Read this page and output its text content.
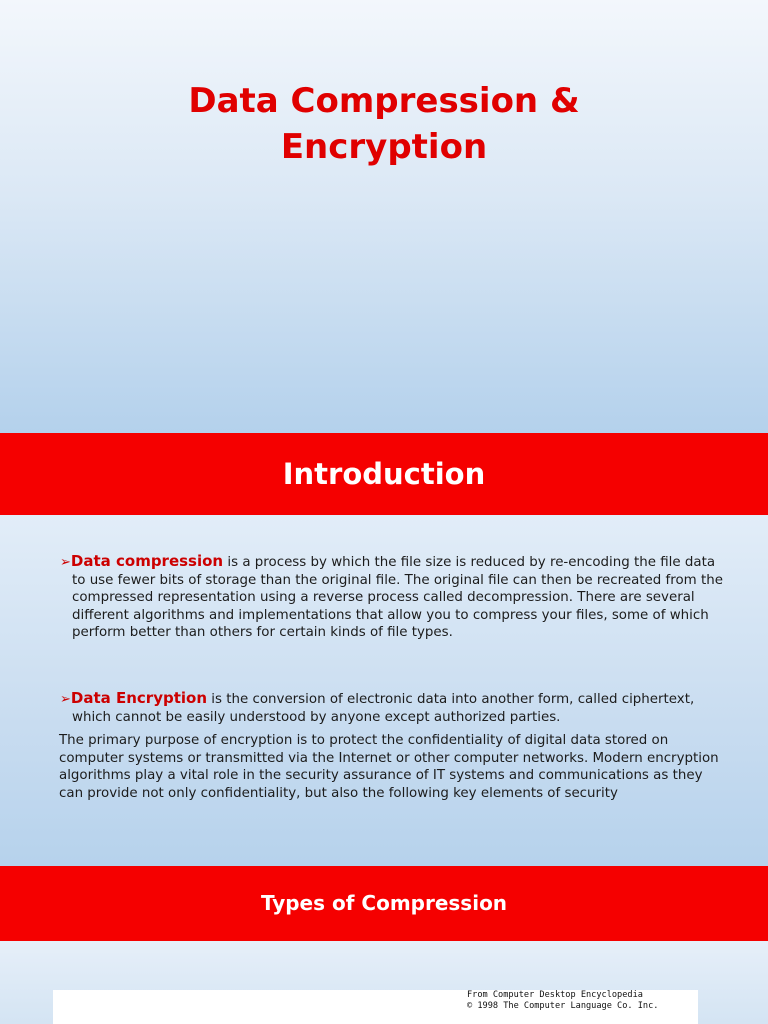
Data Compression &
Encryption
Introduction

➢Data compression is a process by which the file size is reduced by re-encoding the file data to use fewer bits of storage than the original file. The original file can then be recreated from the compressed representation using a reverse process called decompression. There are several different algorithms and implementations that allow you to compress your files, some of which perform better than others for certain kinds of file types.

➢Data Encryption is the conversion of electronic data into another form, called ciphertext, which cannot be easily understood by anyone except authorized parties.

The primary purpose of encryption is to protect the confidentiality of digital data stored on computer systems or transmitted via the Internet or other computer networks. Modern encryption algorithms play a vital role in the security assurance of IT systems and communications as they can provide not only confidentiality, but also the following key elements of security

Types of Compression

From Computer Desktop Encyclopedia
© 1998 The Computer Language Co. Inc.
